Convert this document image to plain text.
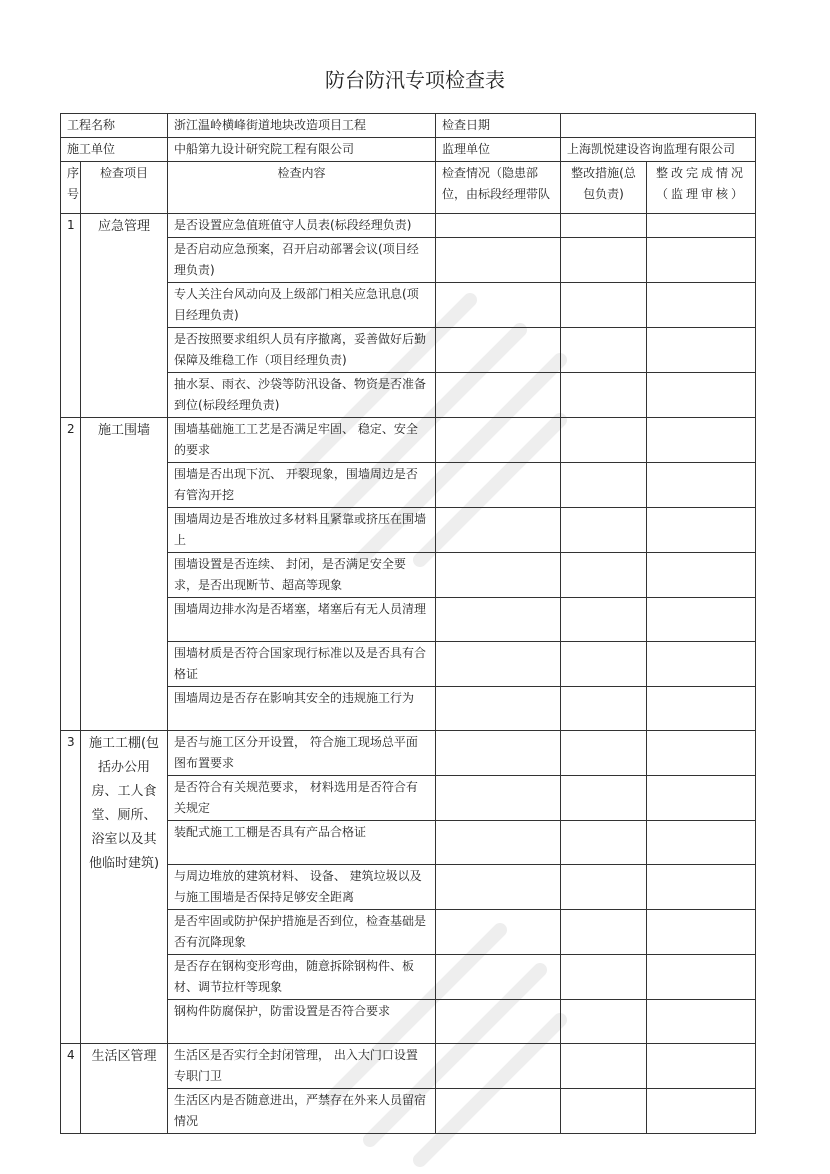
防台防汛专项检查表
工程名称		浙江温岭横峰街道地块改造项目工程	检查日期		
施工单位		中船第九设计研究院工程有限公司	监理单位	上海凯悦建设咨询监理有限公司	
序号	检查项目	检查内容	检查情况（隐患部位，由标段经理带队	整改措施(总包负责)	整改完成情况（监理审核）
1	应急管理	是否设置应急值班值守人员表(标段经理负责)			
		是否启动应急预案，召开启动部署会议(项目经理负责)			
		专人关注台风动向及上级部门相关应急讯息(项目经理负责)			
		是否按照要求组织人员有序撤离，妥善做好后勤保障及维稳工作（项目经理负责)			
		抽水泵、雨衣、沙袋等防汛设备、物资是否准备到位(标段经理负责)			
2	施工围墙	围墙基础施工工艺是否满足牢固、 稳定、安全的要求			
		围墙是否出现下沉、 开裂现象，围墙周边是否有管沟开挖			
		围墙周边是否堆放过多材料且紧靠或挤压在围墙上			
		围墙设置是否连续、 封闭，是否满足安全要求，是否出现断节、超高等现象			
		围墙周边排水沟是否堵塞，堵塞后有无人员清理			
		围墙材质是否符合国家现行标准以及是否具有合格证			
		围墙周边是否存在影响其安全的违规施工行为			
3	施工工棚(包括办公用房、工人食堂、厕所、浴室以及其他临时建筑)	是否与施工区分开设置， 符合施工现场总平面图布置要求			
		是否符合有关规范要求， 材料选用是否符合有关规定			
		装配式施工工棚是否具有产品合格证			
		与周边堆放的建筑材料、 设备、 建筑垃圾以及与施工围墙是否保持足够安全距离			
		是否牢固或防护保护措施是否到位，检查基础是否有沉降现象			
		是否存在钢构变形弯曲，随意拆除钢构件、板材、调节拉杆等现象			
		钢构件防腐保护，防雷设置是否符合要求			
4	生活区管理	生活区是否实行全封闭管理， 出入大门口设置专职门卫			
		生活区内是否随意进出，严禁存在外来人员留宿情况			
